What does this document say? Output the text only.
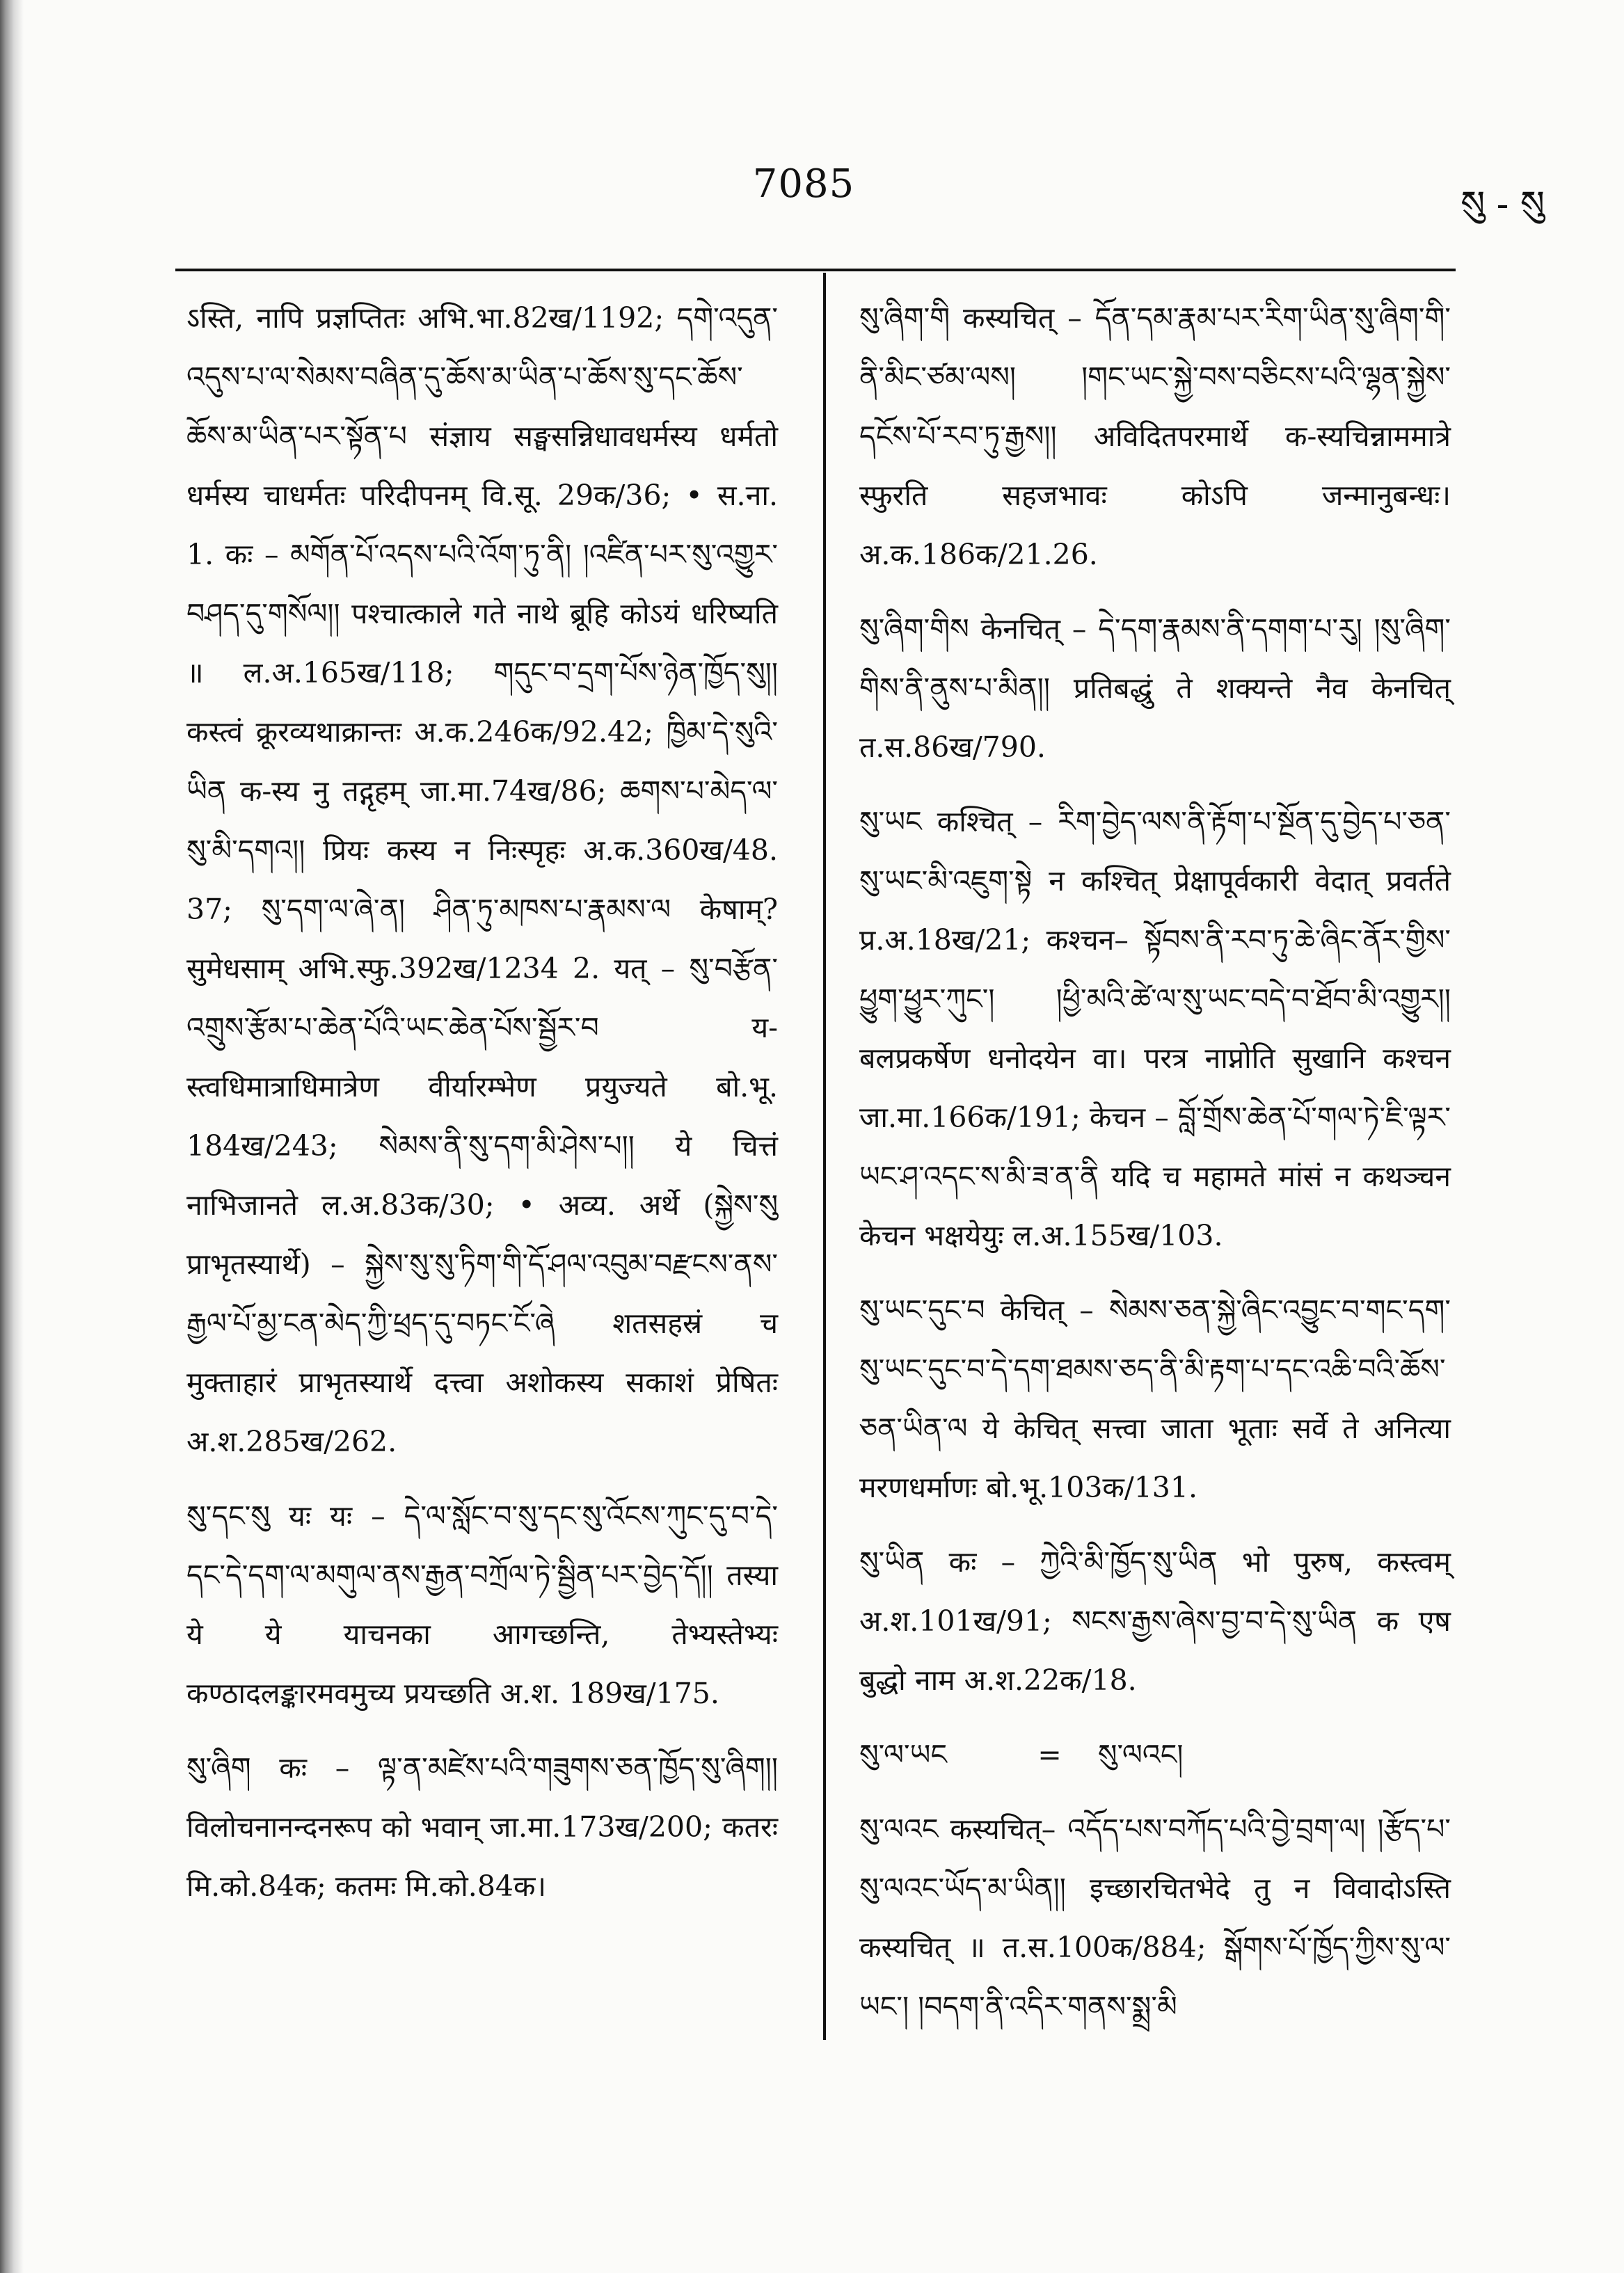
7085	སུ - སུ

ऽस्ति, नापि प्रज्ञप्तितः अभि.भा.82ख/1192; དགེ་འདུན་འདུས་པ་ལ་སེམས་བཞིན་དུ་ཆོས་མ་ཡིན་པ་ཆོས་སུ་དང་ཆོས་ཆོས་མ་ཡིན་པར་སྟོན་པ संज्ञाय सङ्घसन्निधावधर्मस्य धर्मतो धर्मस्य चाधर्मतः परिदीपनम् वि.सू. 29क/36; • स.ना. 1. कः – མགོན་པོ་འདས་པའི་འོག་ཏུ་ནི། །འཛིན་པར་སུ་འགྱུར་བཤད་དུ་གསོལ།། पश्चात्काले गते नाथे ब्रूहि कोऽयं धरिष्यति ॥ ल.अ.165ख/118; གདུང་བ་དྲག་པོས་ཉེན་ཁྱོད་སུ།། कस्त्वं क्रूरव्यथाक्रान्तः अ.क.246क/92.42; ཁྱིམ་དེ་སུའི་ཡིན क-स्य नु तद्गृहम् जा.मा.74ख/86; ཆགས་པ་མེད་ལ་སུ་མི་དགའ།། प्रियः कस्य न निःस्पृहः अ.क.360ख/48. 37; སུ་དག་ལ་ཞེ་ན། ཤིན་ཏུ་མཁས་པ་རྣམས་ལ केषाम्? सुमेधसाम् अभि.स्फु.392ख/1234 2. यत् – སུ་བརྩོན་འགྲུས་རྩོམ་པ་ཆེན་པོའི་ཡང་ཆེན་པོས་སྦྱོར་བ य-स्त्वधिमात्राधिमात्रेण वीर्यारम्भेण प्रयुज्यते बो.भू. 184ख/243; སེམས་ནི་སུ་དག་མི་ཤེས་པ།། ये चित्तं नाभिजानते ल.अ.83क/30; • अव्य. अर्थे (སྐྱེས་སུ प्राभृतस्यार्थे) – སྐྱེས་སུ་སུ་ཏིག་གི་དོ་ཤལ་འབུམ་བརྫངས་ནས་རྒྱལ་པོ་མྱ་ངན་མེད་ཀྱི་ཕྲད་དུ་བཏང་ངོ་ཞེ शतसहस्रं च मुक्ताहारं प्राभृतस्यार्थे दत्त्वा अशोकस्य सकाशं प्रेषितः अ.श.285ख/262.

སུ་དང་སུ यः यः – དེ་ལ་སློང་བ་སུ་དང་སུ་འོངས་ཀུང་དུ་བ་དེ་དང་དེ་དག་ལ་མགུལ་ནས་རྒྱན་བཀྲོལ་ཏེ་སྦྱིན་པར་བྱེད་དོ།། तस्या ये ये याचनका आगच्छन्ति, तेभ्यस्तेभ्यः कण्ठादलङ्कारमवमुच्य प्रयच्छति अ.श. 189ख/175.

སུ་ཞིག कः – ལྟ་ན་མཛེས་པའི་གཟུགས་ཅན་ཁྱོད་སུ་ཞིག།། विलोचनानन्दनरूप को भवान् जा.मा.173ख/200; कतरः मि.को.84क; कतमः मि.को.84क।

སུ་ཞིག་གི कस्यचित् – དོན་དམ་རྣམ་པར་རིག་ཡིན་སུ་ཞིག་གི་ནི་མིང་ཙམ་ལས། །གང་ཡང་སྐྱེ་བས་བཅིངས་པའི་ལྷན་སྐྱེས་དངོས་པོ་རབ་ཏུ་རྒྱས།། अविदितपरमार्थे क-स्यचिन्नाममात्रे स्फुरति सहजभावः कोऽपि जन्मानुबन्धः। अ.क.186क/21.26.

སུ་ཞིག་གིས केनचित् – དེ་དག་རྣམས་ནི་དགག་པ་རུ། །སུ་ཞིག་གིས་ནི་ནུས་པ་མིན།། प्रतिबद्धुं ते शक्यन्ते नैव केनचित् त.स.86ख/790.

སུ་ཡང कश्चित् – རིག་བྱེད་ལས་ནི་རྟོག་པ་སྔོན་དུ་བྱེད་པ་ཅན་སུ་ཡང་མི་འཇུག་སྟེ न कश्चित् प्रेक्षापूर्वकारी वेदात् प्रवर्तते प्र.अ.18ख/21; कश्चन– སྟོབས་ནི་རབ་ཏུ་ཆེ་ཞིང་ནོར་གྱིས་ཕྱུག་ཕྱུར་ཀུང་། །ཕྱི་མའི་ཚེ་ལ་སུ་ཡང་བདེ་བ་ཐོབ་མི་འགྱུར།། बलप्रकर्षेण धनोदयेन वा। परत्र नाप्नोति सुखानि कश्चन जा.मा.166क/191; केचन – བློ་གྲོས་ཆེན་པོ་གལ་ཏེ་ཇི་ལྟར་ཡང་ཤ་འདང་ས་མི་ཟ་ན་ནི यदि च महामते मांसं न कथञ्चन केचन भक्षयेयुः ल.अ.155ख/103.

སུ་ཡང་དུང་བ केचित् – སེམས་ཅན་སྐྱེ་ཞིང་འབྱུང་བ་གང་དག་སུ་ཡང་དུང་བ་དེ་དག་ཐམས་ཅད་ནི་མི་རྟག་པ་དང་འཆི་བའི་ཆོས་ཅན་ཡིན་ལ ये केचित् सत्त्वा जाता भूताः सर्वे ते अनित्या मरणधर्माणः बो.भू.103क/131.

སུ་ཡིན कः – ཀྱེའི་མི་ཁྱོད་སུ་ཡིན भो पुरुष, कस्त्वम् अ.श.101ख/91; སངས་རྒྱས་ཞེས་བྱ་བ་དེ་སུ་ཡིན क एष बुद्धो नाम अ.श.22क/18.

སུ་ལ་ཡང	= སུ་ལའང།

སུ་ལའང कस्यचित्– འདོད་པས་བཀོད་པའི་བྱེ་བྲག་ལ། །རྩོད་པ་སུ་ལའང་ཡོད་མ་ཡིན།། इच्छारचितभेदे तु न विवादोऽस्ति कस्यचित् ॥ त.स.100क/884; སྒོགས་པོ་ཁྱོད་ཀྱིས་སུ་ལ་ཡང་། །བདག་ནི་འདིར་གནས་སྨྲ་མི
